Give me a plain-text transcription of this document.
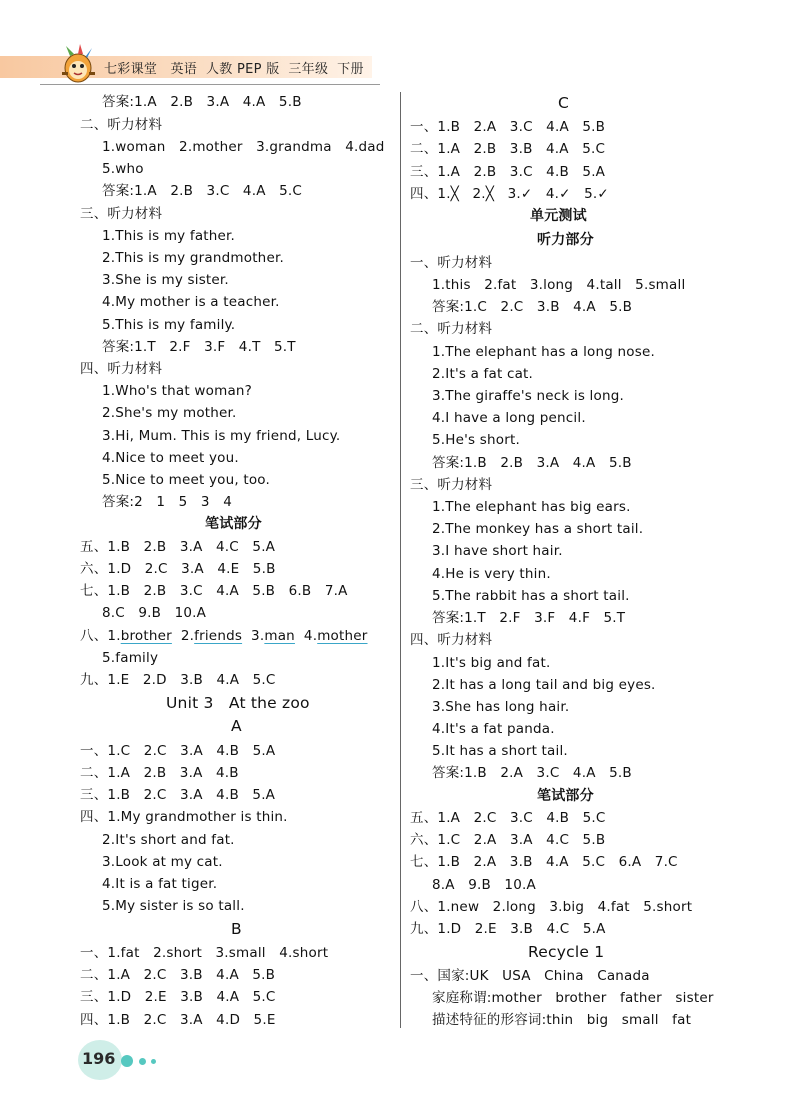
七彩课堂   英语  人教 PEP 版  三年级  下册
答案:1.A   2.B   3.A   4.A   5.B
二、听力材料
1.woman   2.mother   3.grandma   4.dad
5.who
答案:1.A   2.B   3.C   4.A   5.C
三、听力材料
1.This is my father.
2.This is my grandmother.
3.She is my sister.
4.My mother is a teacher.
5.This is my family.
答案:1.T   2.F   3.F   4.T   5.T
四、听力材料
1.Who's that woman?
2.She's my mother.
3.Hi, Mum. This is my friend, Lucy.
4.Nice to meet you.
5.Nice to meet you, too.
答案:2   1   5   3   4
笔试部分
五、1.B   2.B   3.A   4.C   5.A
六、1.D   2.C   3.A   4.E   5.B
七、1.B   2.B   3.C   4.A   5.B   6.B   7.A
8.C   9.B   10.A
八、1.brother  2.friends  3.man  4.mother
5.family
九、1.E   2.D   3.B   4.A   5.C
Unit 3   At the zoo
A
一、1.C   2.C   3.A   4.B   5.A
二、1.A   2.B   3.A   4.B
三、1.B   2.C   3.A   4.B   5.A
四、1.My grandmother is thin.
2.It's short and fat.
3.Look at my cat.
4.It is a fat tiger.
5.My sister is so tall.
B
一、1.fat   2.short   3.small   4.short
二、1.A   2.C   3.B   4.A   5.B
三、1.D   2.E   3.B   4.A   5.C
四、1.B   2.C   3.A   4.D   5.E
C
一、1.B   2.A   3.C   4.A   5.B
二、1.A   2.B   3.B   4.A   5.C
三、1.A   2.B   3.C   4.B   5.A
四、1.╳   2.╳   3.✓   4.✓   5.✓
单元测试
听力部分
一、听力材料
1.this   2.fat   3.long   4.tall   5.small
答案:1.C   2.C   3.B   4.A   5.B
二、听力材料
1.The elephant has a long nose.
2.It's a fat cat.
3.The giraffe's neck is long.
4.I have a long pencil.
5.He's short.
答案:1.B   2.B   3.A   4.A   5.B
三、听力材料
1.The elephant has big ears.
2.The monkey has a short tail.
3.I have short hair.
4.He is very thin.
5.The rabbit has a short tail.
答案:1.T   2.F   3.F   4.F   5.T
四、听力材料
1.It's big and fat.
2.It has a long tail and big eyes.
3.She has long hair.
4.It's a fat panda.
5.It has a short tail.
答案:1.B   2.A   3.C   4.A   5.B
笔试部分
五、1.A   2.C   3.C   4.B   5.C
六、1.C   2.A   3.A   4.C   5.B
七、1.B   2.A   3.B   4.A   5.C   6.A   7.C
8.A   9.B   10.A
八、1.new   2.long   3.big   4.fat   5.short
九、1.D   2.E   3.B   4.C   5.A
Recycle 1
一、国家:UK   USA   China   Canada
家庭称谓:mother   brother   father   sister
描述特征的形容词:thin   big   small   fat
196
